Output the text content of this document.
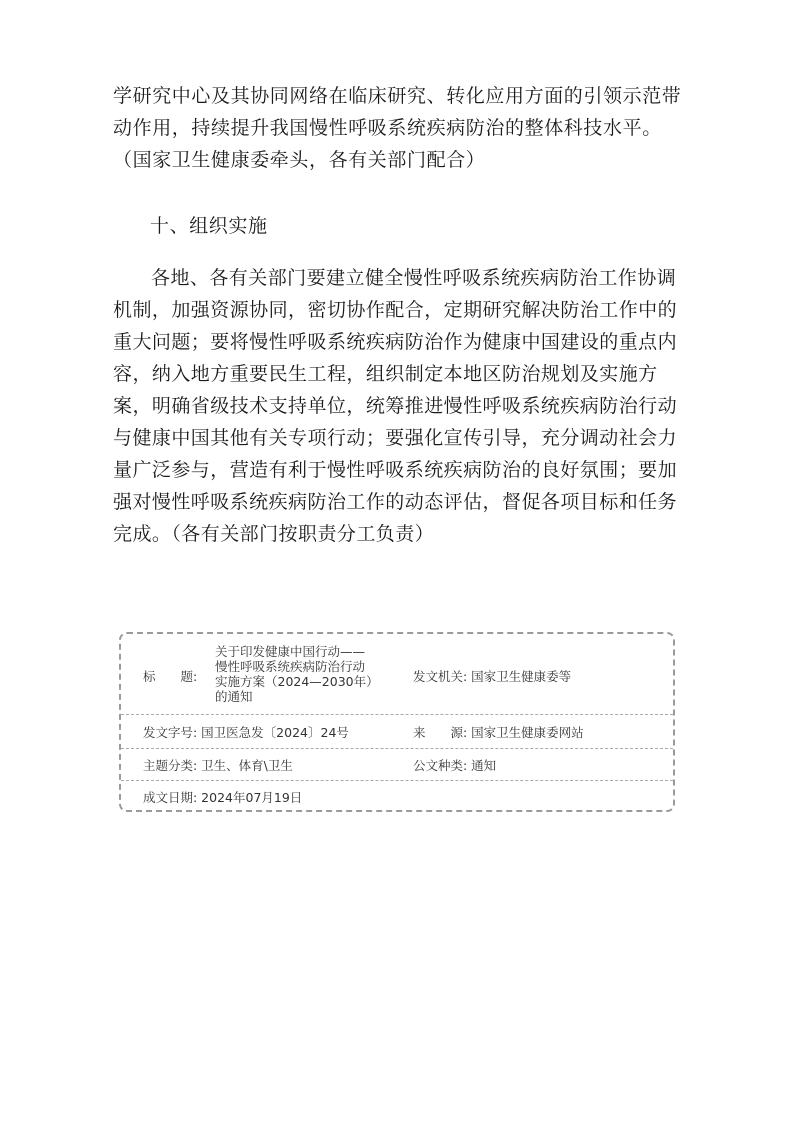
学研究中心及其协同网络在临床研究、转化应用方面的引领示范带
动作用，持续提升我国慢性呼吸系统疾病防治的整体科技水平。
（国家卫生健康委牵头，各有关部门配合）
十、组织实施
各地、各有关部门要建立健全慢性呼吸系统疾病防治工作协调
机制，加强资源协同，密切协作配合，定期研究解决防治工作中的
重大问题；要将慢性呼吸系统疾病防治作为健康中国建设的重点内
容，纳入地方重要民生工程，组织制定本地区防治规划及实施方
案，明确省级技术支持单位，统筹推进慢性呼吸系统疾病防治行动
与健康中国其他有关专项行动；要强化宣传引导，充分调动社会力
量广泛参与，营造有利于慢性呼吸系统疾病防治的良好氛围；要加
强对慢性呼吸系统疾病防治工作的动态评估，督促各项目标和任务
完成。（各有关部门按职责分工负责）
标　　题:
关于印发健康中国行动——
慢性呼吸系统疾病防治行动
实施方案（2024—2030年）
的通知
发文机关: 国家卫生健康委等
发文字号: 国卫医急发〔2024〕24号	来　　源: 国家卫生健康委网站
主题分类: 卫生、体育\卫生	公文种类: 通知
成文日期: 2024年07月19日
